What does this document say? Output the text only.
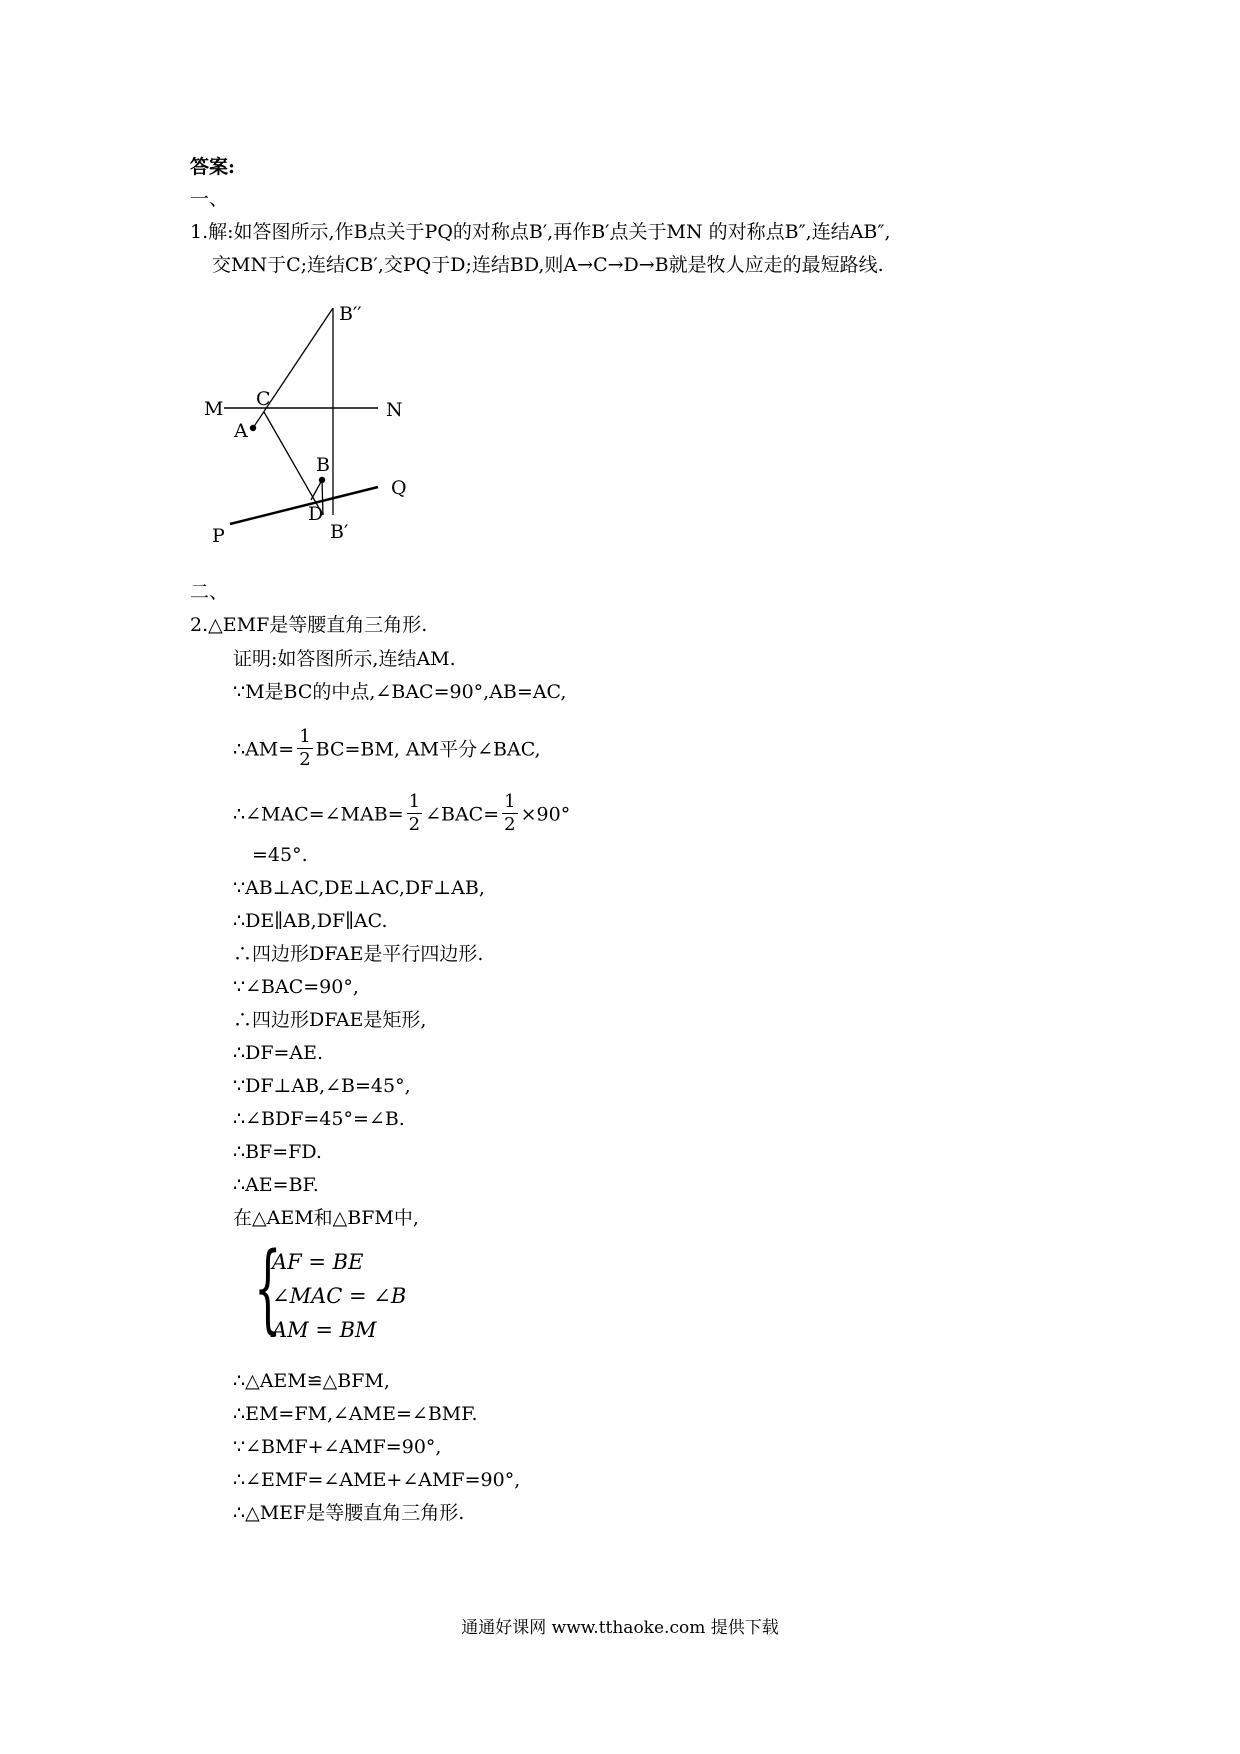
答案:
一、
1.解:如答图所示,作B点关于PQ的对称点B′,再作B′点关于MN 的对称点B″,连结AB″,
交MN于C;连结CB′,交PQ于D;连结BD,则A→C→D→B就是牧人应走的最短路线.
M	N
A
C
B
B′′
D
B′
P
Q
二、
2.△EMF是等腰直角三角形.
证明:如答图所示,连结AM.
∵M是BC的中点,∠BAC=90°,AB=AC,
∴AM= $\frac{1}{2} BC=BM$, AM平分∠BAC,
∴∠MAC=∠MAB= $\frac{1}{2}$ ∠BAC= $\frac{1}{2} \times 90^\circ$
=45°.
∵AB⊥AC,DE⊥AC,DF⊥AB,
∴DE∥AB,DF∥AC.
∴四边形DFAE是平行四边形.
∵∠BAC=90°,
∴四边形DFAE是矩形,
∴DF=AE.
∵DF⊥AB,∠B=45°,
∴∠BDF=45°=∠B.
∴BF=FD.
∴AE=BF.
在△AEM和△BFM中,
{
AF = BE
∠MAC = ∠B
AM = BM
∴△AEM≌△BFM,
∴EM=FM,∠AME=∠BMF.
∵∠BMF+∠AMF=90°,
∴∠EMF=∠AME+∠AMF=90°,
∴△MEF是等腰直角三角形.
通通好课网 www.tthaoke.com 提供下载
